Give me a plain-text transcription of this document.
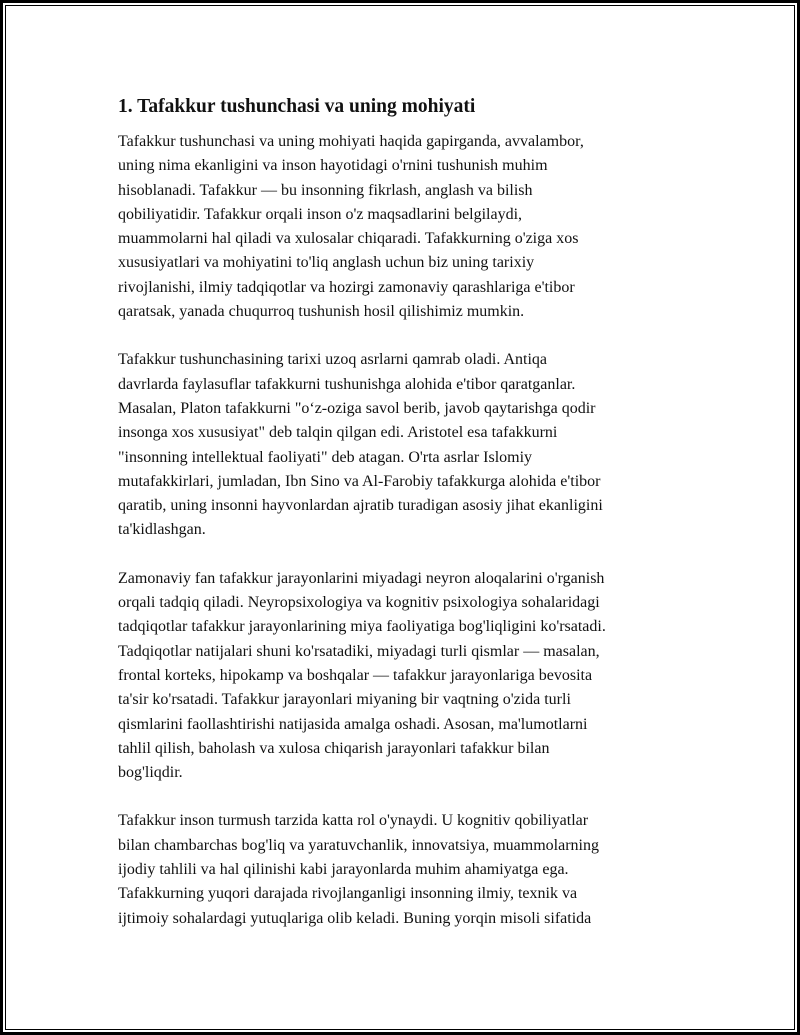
1. Tafakkur tushunchasi va uning mohiyati
Tafakkur tushunchasi va uning mohiyati haqida gapirganda, avvalambor,
uning nima ekanligini va inson hayotidagi o'rnini tushunish muhim
hisoblanadi. Tafakkur — bu insonning fikrlash, anglash va bilish
qobiliyatidir. Tafakkur orqali inson o'z maqsadlarini belgilaydi,
muammolarni hal qiladi va xulosalar chiqaradi. Tafakkurning o'ziga xos
xususiyatlari va mohiyatini to'liq anglash uchun biz uning tarixiy
rivojlanishi, ilmiy tadqiqotlar va hozirgi zamonaviy qarashlariga e'tibor
qaratsak, yanada chuqurroq tushunish hosil qilishimiz mumkin.
Tafakkur tushunchasining tarixi uzoq asrlarni qamrab oladi. Antiqa
davrlarda faylasuflar tafakkurni tushunishga alohida e'tibor qaratganlar.
Masalan, Platon tafakkurni "o‘z-oziga savol berib, javob qaytarishga qodir
insonga xos xususiyat" deb talqin qilgan edi. Aristotel esa tafakkurni
"insonning intellektual faoliyati" deb atagan. O'rta asrlar Islomiy
mutafakkirlari, jumladan, Ibn Sino va Al-Farobiy tafakkurga alohida e'tibor
qaratib, uning insonni hayvonlardan ajratib turadigan asosiy jihat ekanligini
ta'kidlashgan.
Zamonaviy fan tafakkur jarayonlarini miyadagi neyron aloqalarini o'rganish
orqali tadqiq qiladi. Neyropsixologiya va kognitiv psixologiya sohalaridagi
tadqiqotlar tafakkur jarayonlarining miya faoliyatiga bog'liqligini ko'rsatadi.
Tadqiqotlar natijalari shuni ko'rsatadiki, miyadagi turli qismlar — masalan,
frontal korteks, hipokamp va boshqalar — tafakkur jarayonlariga bevosita
ta'sir ko'rsatadi. Tafakkur jarayonlari miyaning bir vaqtning o'zida turli
qismlarini faollashtirishi natijasida amalga oshadi. Asosan, ma'lumotlarni
tahlil qilish, baholash va xulosa chiqarish jarayonlari tafakkur bilan
bog'liqdir.
Tafakkur inson turmush tarzida katta rol o'ynaydi. U kognitiv qobiliyatlar
bilan chambarchas bog'liq va yaratuvchanlik, innovatsiya, muammolarning
ijodiy tahlili va hal qilinishi kabi jarayonlarda muhim ahamiyatga ega.
Tafakkurning yuqori darajada rivojlanganligi insonning ilmiy, texnik va
ijtimoiy sohalardagi yutuqlariga olib keladi. Buning yorqin misoli sifatida
